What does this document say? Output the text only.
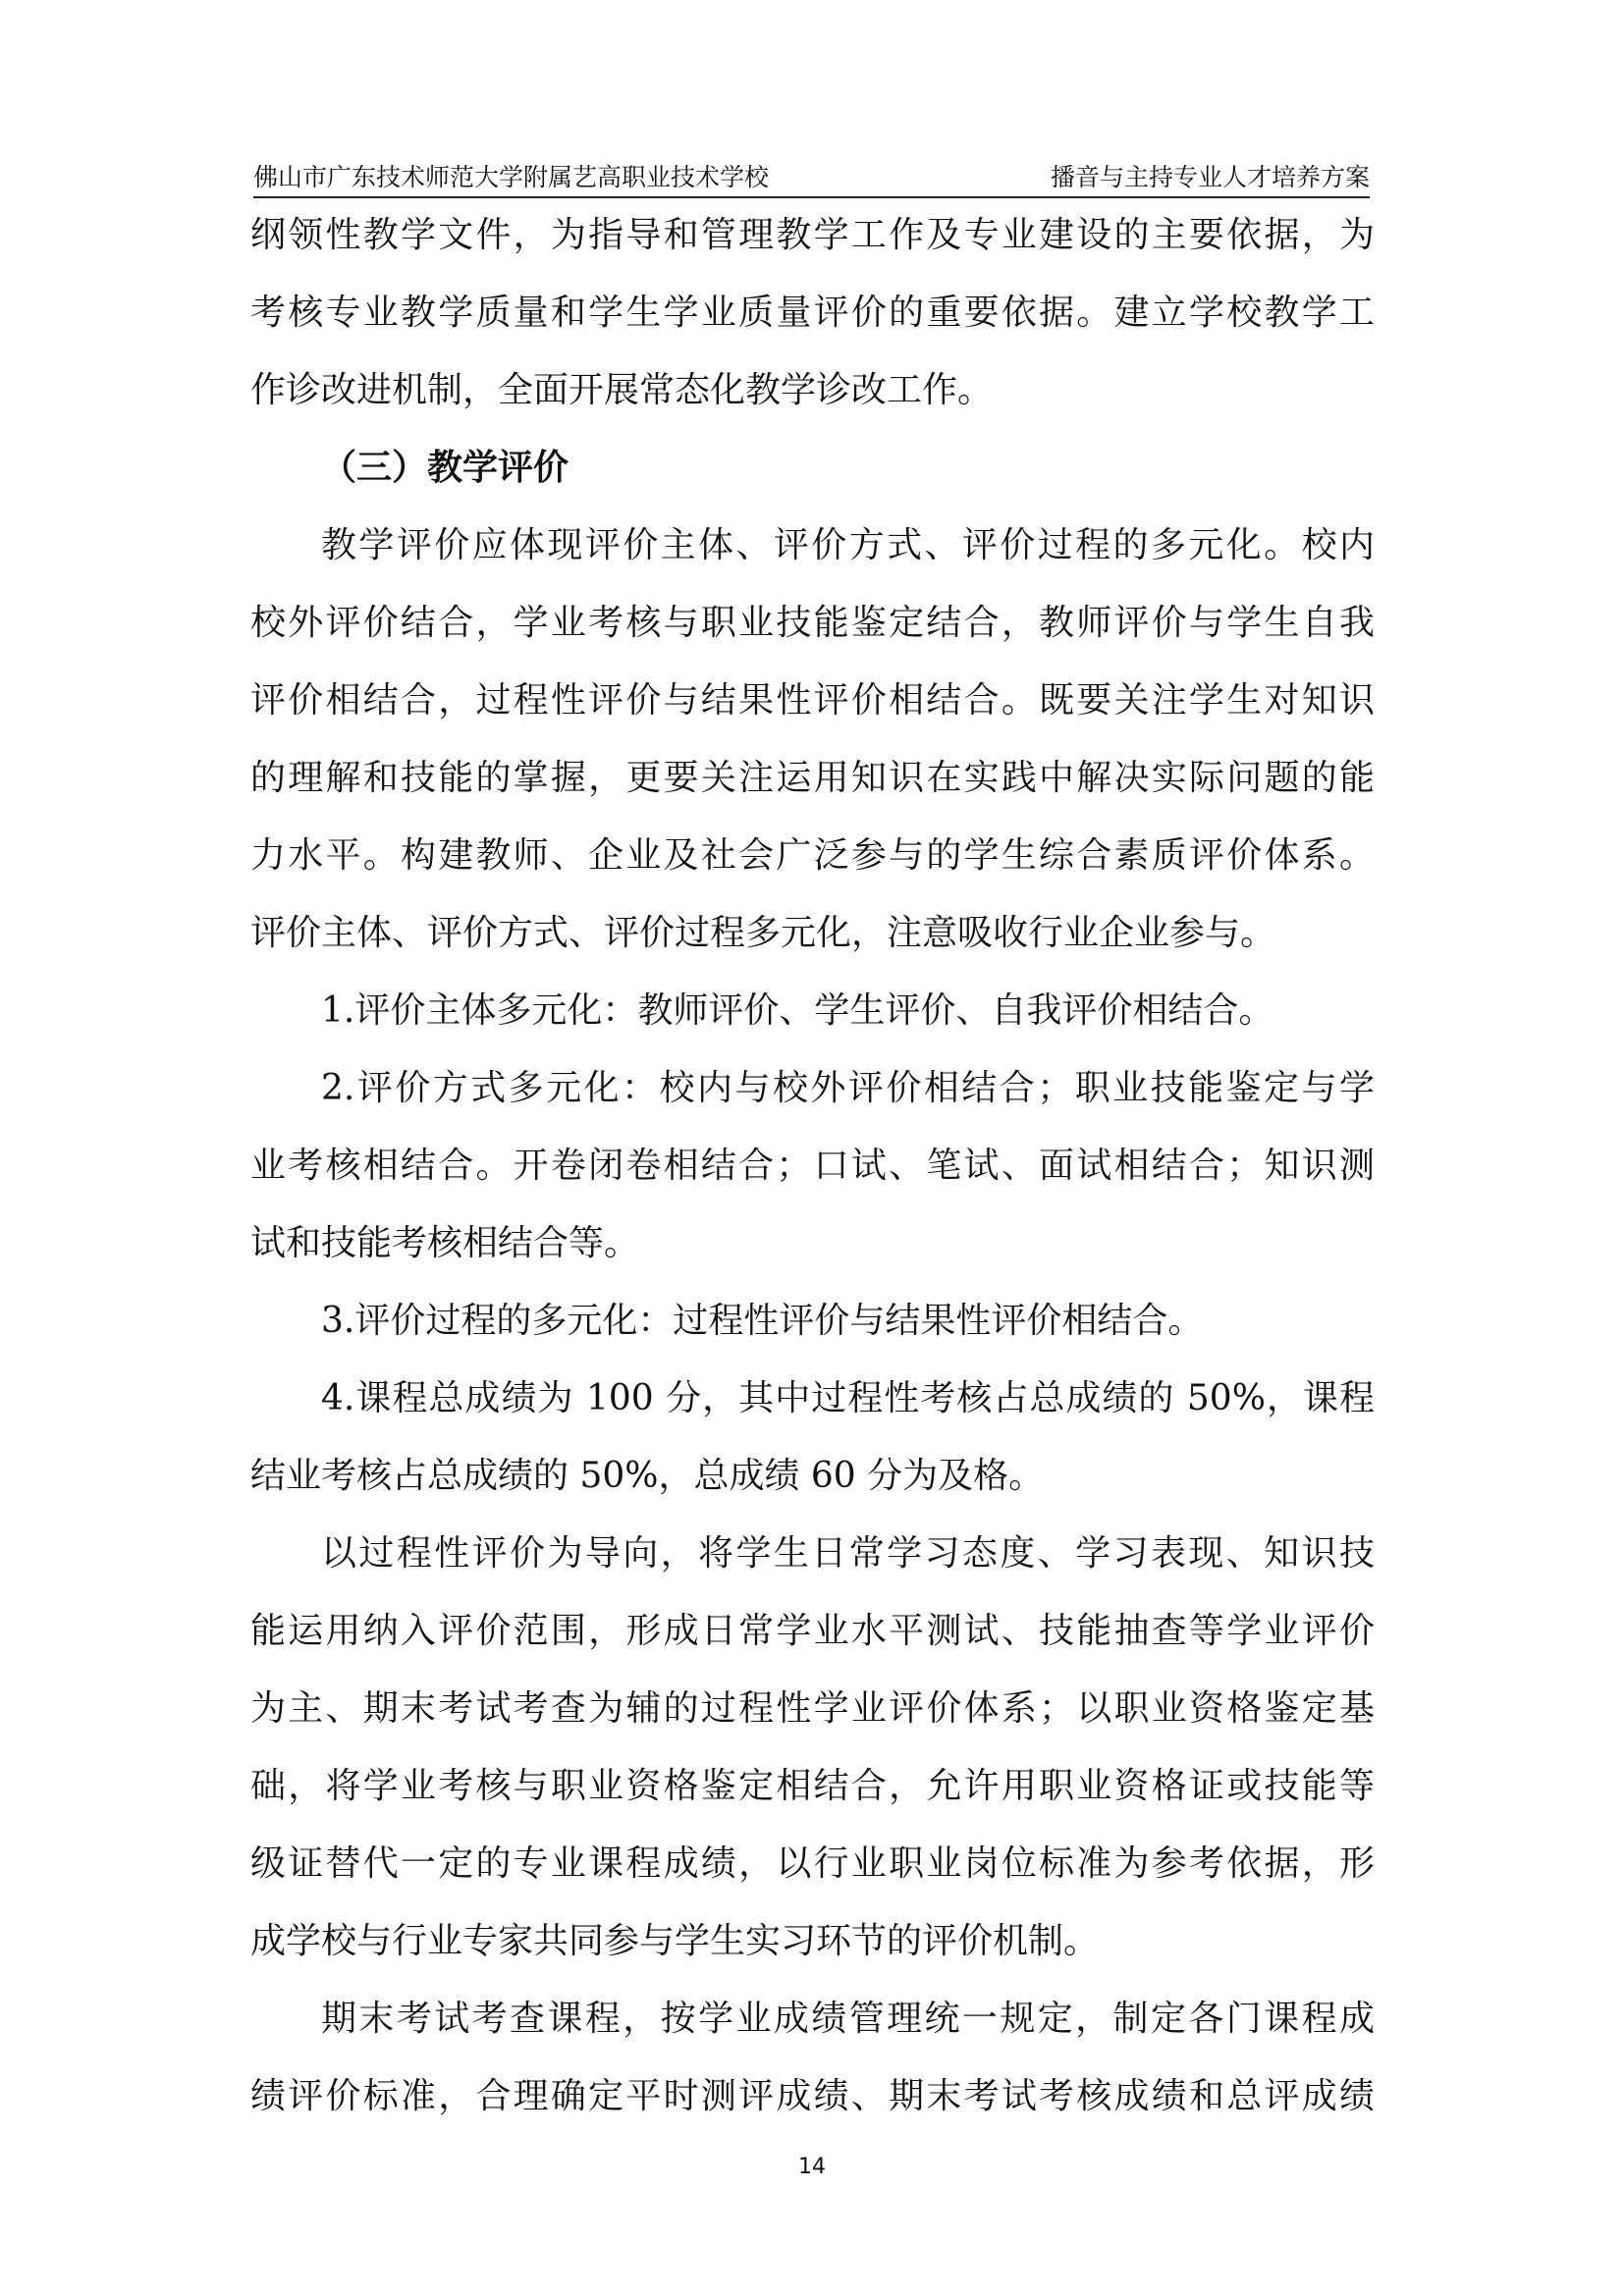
佛山市广东技术师范大学附属艺高职业技术学校	播音与主持专业人才培养方案
纲领性教学文件，为指导和管理教学工作及专业建设的主要依据，为
考核专业教学质量和学生学业质量评价的重要依据。建立学校教学工
作诊改进机制，全面开展常态化教学诊改工作。
（三）教学评价
教学评价应体现评价主体、评价方式、评价过程的多元化。校内
校外评价结合，学业考核与职业技能鉴定结合，教师评价与学生自我
评价相结合，过程性评价与结果性评价相结合。既要关注学生对知识
的理解和技能的掌握，更要关注运用知识在实践中解决实际问题的能
力水平。构建教师、企业及社会广泛参与的学生综合素质评价体系。
评价主体、评价方式、评价过程多元化，注意吸收行业企业参与。
1.评价主体多元化：教师评价、学生评价、自我评价相结合。
2.评价方式多元化：校内与校外评价相结合；职业技能鉴定与学
业考核相结合。开卷闭卷相结合；口试、笔试、面试相结合；知识测
试和技能考核相结合等。
3.评价过程的多元化：过程性评价与结果性评价相结合。
4.课程总成绩为 100 分，其中过程性考核占总成绩的 50%，课程
结业考核占总成绩的 50%，总成绩 60 分为及格。
以过程性评价为导向，将学生日常学习态度、学习表现、知识技
能运用纳入评价范围，形成日常学业水平测试、技能抽查等学业评价
为主、期末考试考查为辅的过程性学业评价体系；以职业资格鉴定基
础，将学业考核与职业资格鉴定相结合，允许用职业资格证或技能等
级证替代一定的专业课程成绩，以行业职业岗位标准为参考依据，形
成学校与行业专家共同参与学生实习环节的评价机制。
期末考试考查课程，按学业成绩管理统一规定，制定各门课程成
绩评价标准，合理确定平时测评成绩、期末考试考核成绩和总评成绩
14
